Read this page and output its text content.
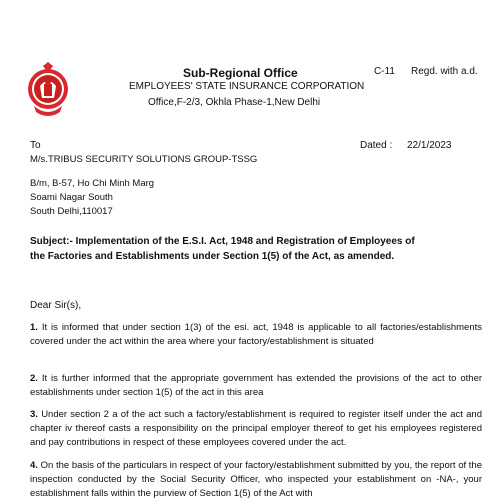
Sub-Regional Office
EMPLOYEES' STATE INSURANCE CORPORATION
Office,F-2/3, Okhla Phase-1,New Delhi
C-11 Regd. with a.d.
To	Dated : 22/1/2023
M/s.TRIBUS SECURITY SOLUTIONS GROUP-TSSG
B/m, B-57, Ho Chi Minh Marg
Soami Nagar South
South Delhi,110017
Subject:- Implementation of the E.S.I. Act, 1948 and Registration of Employees of the Factories and Establishments under Section 1(5) of the Act, as amended.
Dear Sir(s),
1. It is informed that under section 1(3) of the esi. act, 1948 is applicable to all factories/establishments covered under the act within the area where your factory/establishment is situated
2. It is further informed that the appropriate government has extended the provisions of the act to other establishments under section 1(5) of the act in this area
3. Under section 2 a of the act such a factory/establishment is required to register itself under the act and chapter iv thereof casts a responsibility on the principal employer thereof to get his employees registered and pay contributions in respect of these employees covered under the act.
4. On the basis of the particulars in respect of your factory/establishment submitted by you, the report of the inspection conducted by the Social Security Officer, who inspected your establishment on -NA-, your establishment falls within the purview of Section 1(5) of the Act with
